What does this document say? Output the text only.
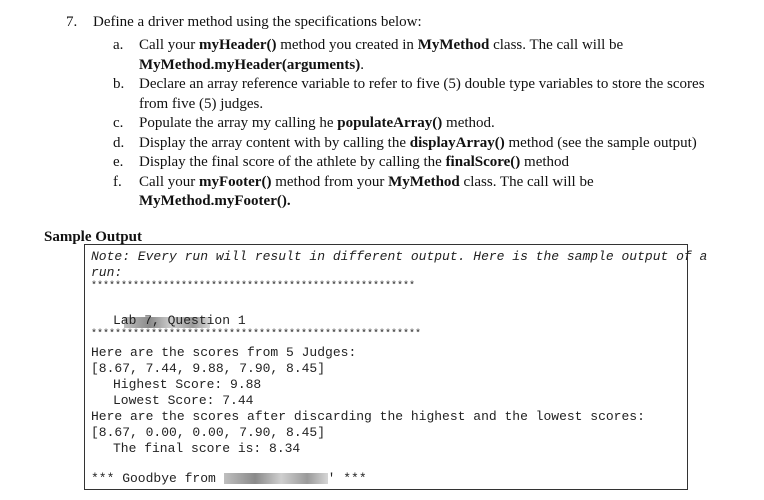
7. Define a driver method using the specifications below:
a.	Call your myHeader() method you created in MyMethod class. The call will be
MyMethod.myHeader(arguments).
b. Declare an array reference variable to refer to five (5) double type variables to store the scores
from five (5) judges.
c.	Populate the array my calling he populateArray() method.
d. Display the array content with by calling the displayArray() method (see the sample output)
e.	Display the final score of the athlete by calling the finalScore() method
f.	Call your myFooter() method from your MyMethod class. The call will be
MyMethod.myFooter().
Sample Output
Note: Every run will result in different output. Here is the sample output of a
run:
******************************************************

Lab 7, Question 1
*******************************************************
Here are the scores from 5 Judges:
[8.67, 7.44, 9.88, 7.90, 8.45]
Highest Score: 9.88
Lowest Score: 7.44
Here are the scores after discarding the highest and the lowest scores:
[8.67, 0.00, 0.00, 7.90, 8.45]
The final score is: 8.34
*** Goodbye from	' ***
